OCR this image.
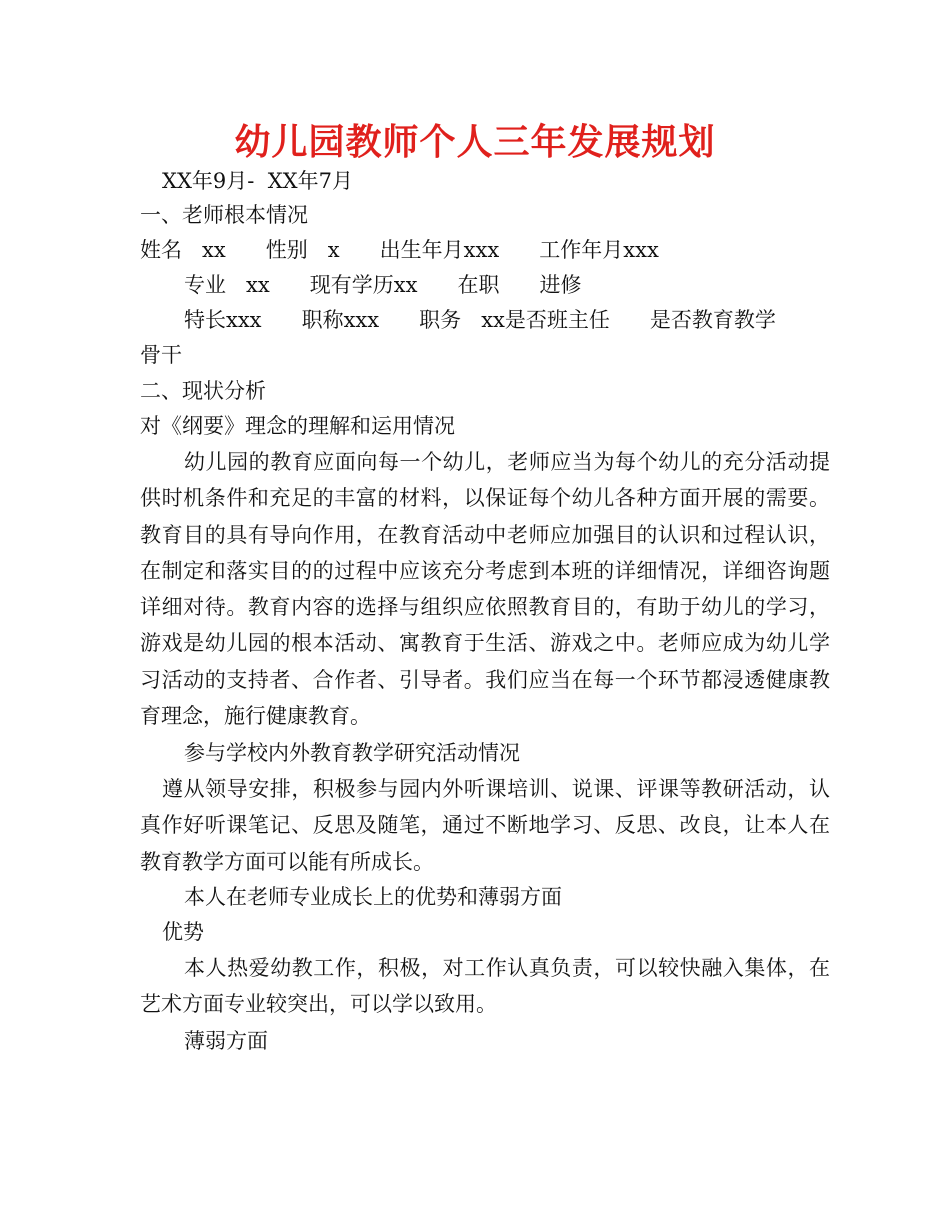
幼儿园教师个人三年发展规划
XX年9月-  XX年7月
一、老师根本情况
姓名   xx      性别   x      出生年月xxx      工作年月xxx
专业   xx      现有学历xx      在职      进修
特长xxx      职称xxx      职务   xx是否班主任      是否教育教学
骨干
二、现状分析
对《纲要》理念的理解和运用情况
幼儿园的教育应面向每一个幼儿，老师应当为每个幼儿的充分活动提供时机条件和充足的丰富的材料，以保证每个幼儿各种方面开展的需要。教育目的具有导向作用，在教育活动中老师应加强目的认识和过程认识，在制定和落实目的的过程中应该充分考虑到本班的详细情况，详细咨询题详细对待。教育内容的选择与组织应依照教育目的，有助于幼儿的学习，游戏是幼儿园的根本活动、寓教育于生活、游戏之中。老师应成为幼儿学习活动的支持者、合作者、引导者。我们应当在每一个环节都浸透健康教育理念，施行健康教育。
参与学校内外教育教学研究活动情况
遵从领导安排，积极参与园内外听课培训、说课、评课等教研活动，认真作好听课笔记、反思及随笔，通过不断地学习、反思、改良，让本人在教育教学方面可以能有所成长。
本人在老师专业成长上的优势和薄弱方面
优势
本人热爱幼教工作，积极，对工作认真负责，可以较快融入集体，在艺术方面专业较突出，可以学以致用。
薄弱方面
